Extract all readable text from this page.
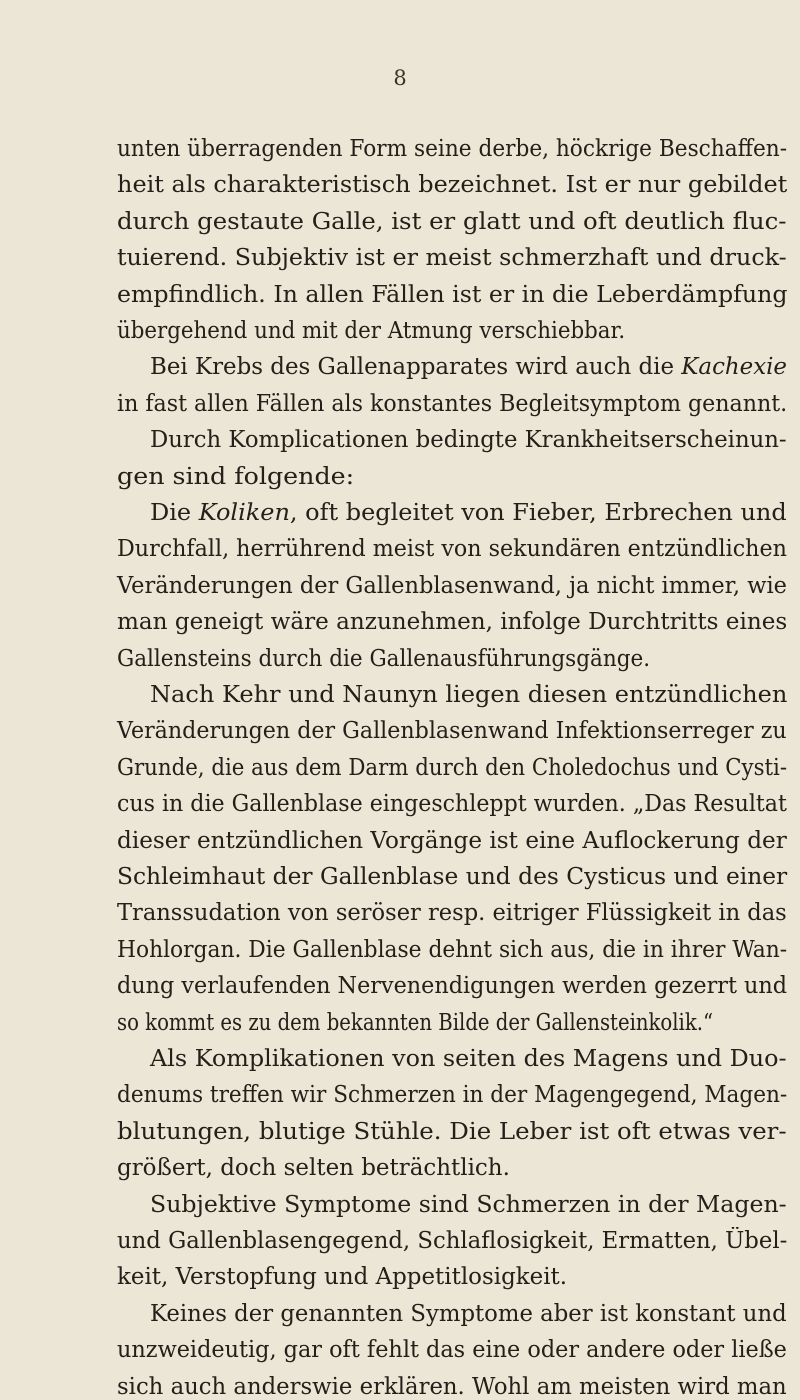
8
unten überragenden Form seine derbe, höckrige Beschaffen-
heit als charakteristisch bezeichnet. Ist er nur gebildet
durch gestaute Galle, ist er glatt und oft deutlich fluc-
tuierend. Subjektiv ist er meist schmerzhaft und druck-
empfindlich. In allen Fällen ist er in die Leberdämpfung
übergehend und mit der Atmung verschiebbar.
Bei Krebs des Gallenapparates wird auch die Kachexie
in fast allen Fällen als konstantes Begleitsymptom genannt.
Durch Komplicationen bedingte Krankheitserscheinun-
gen sind folgende:
Die Koliken, oft begleitet von Fieber, Erbrechen und
Durchfall, herrührend meist von sekundären entzündlichen
Veränderungen der Gallenblasenwand, ja nicht immer, wie
man geneigt wäre anzunehmen, infolge Durchtritts eines
Gallensteins durch die Gallenausführungsgänge.
Nach Kehr und Naunyn liegen diesen entzündlichen
Veränderungen der Gallenblasenwand Infektionserreger zu
Grunde, die aus dem Darm durch den Choledochus und Cysti-
cus in die Gallenblase eingeschleppt wurden. „Das Resultat
dieser entzündlichen Vorgänge ist eine Auflockerung der
Schleimhaut der Gallenblase und des Cysticus und einer
Transsudation von seröser resp. eitriger Flüssigkeit in das
Hohlorgan. Die Gallenblase dehnt sich aus, die in ihrer Wan-
dung verlaufenden Nervenendigungen werden gezerrt und
so kommt es zu dem bekannten Bilde der Gallensteinkolik.“
Als Komplikationen von seiten des Magens und Duo-
denums treffen wir Schmerzen in der Magengegend, Magen-
blutungen, blutige Stühle. Die Leber ist oft etwas ver-
größert, doch selten beträchtlich.
Subjektive Symptome sind Schmerzen in der Magen-
und Gallenblasengegend, Schlaflosigkeit, Ermatten, Übel-
keit, Verstopfung und Appetitlosigkeit.
Keines der genannten Symptome aber ist konstant und
unzweideutig, gar oft fehlt das eine oder andere oder ließe
sich auch anderswie erklären. Wohl am meisten wird man
